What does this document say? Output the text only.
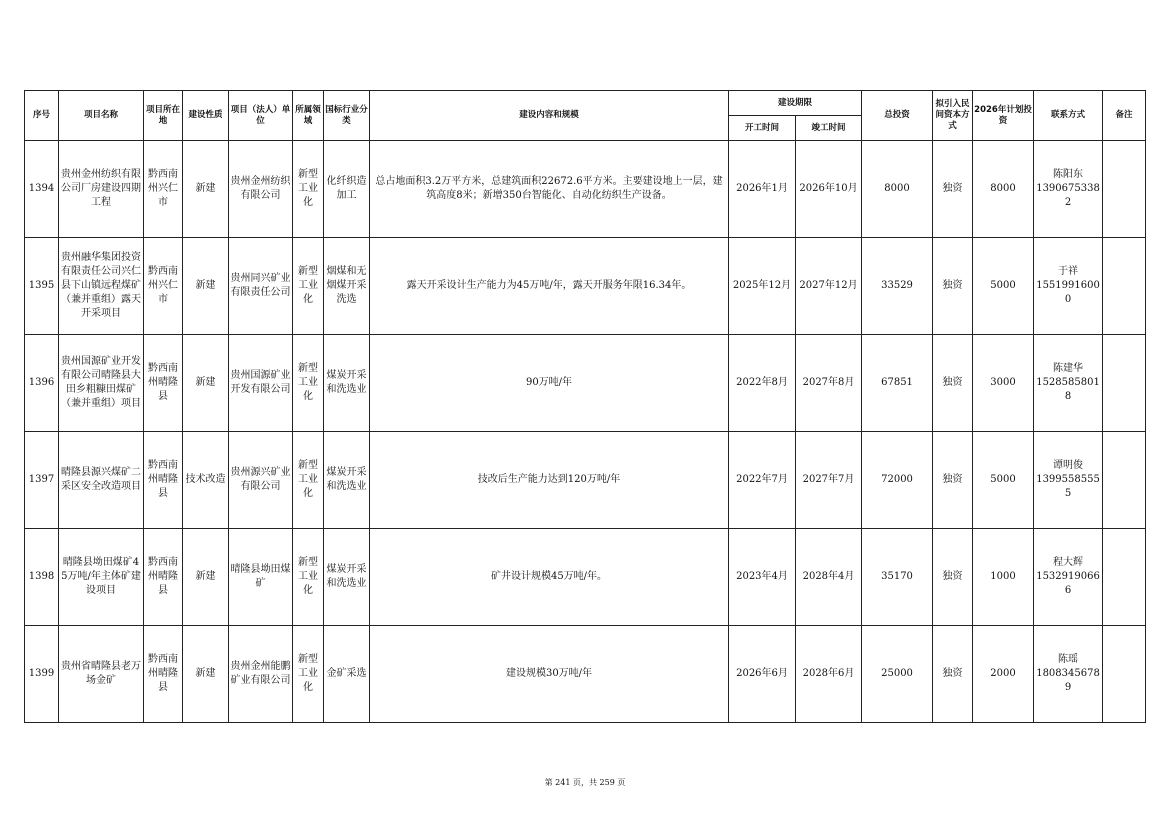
序号	项目名称	项目所在地	建设性质	项目（法人）单位	所属领域	国标行业分类	建设内容和规模	建设期限		总投资	拟引入民间资本方式	2026年计划投资	联系方式	备注
								开工时间	竣工时间					
1394	贵州金州纺织有限公司厂房建设四期工程	黔西南州兴仁市	新建	贵州金州纺织有限公司	新型工业化	化纤织造加工	总占地面积3.2万平方米，总建筑面积22672.6平方米。主要建设地上一层，建筑高度8米；新增350台智能化、自动化纺织生产设备。	2026年1月	2026年10月	8000	独资	8000	陈阳东
13906753382	

1395	贵州融华集团投资有限责任公司兴仁县下山镇远程煤矿（兼并重组）露天开采项目	黔西南州兴仁市	新建	贵州同兴矿业有限责任公司	新型工业化	烟煤和无烟煤开采洗选	露天开采设计生产能力为45万吨/年，露天开服务年限16.34年。	2025年12月	2027年12月	33529	独资	5000	于祥
15519916000	

1396	贵州国源矿业开发有限公司晴隆县大田乡粗糠田煤矿（兼并重组）项目	黔西南州晴隆县	新建	贵州国源矿业开发有限公司	新型工业化	煤炭开采和洗选业	90万吨/年	2022年8月	2027年8月	67851	独资	3000	陈建华
15285858018	

1397	晴隆县源兴煤矿二采区安全改造项目	黔西南州晴隆县	技术改造	贵州源兴矿业有限公司	新型工业化	煤炭开采和洗选业	技改后生产能力达到120万吨/年	2022年7月	2027年7月	72000	独资	5000	谭明俊
13995585555	

1398	晴隆县坳田煤矿45万吨/年主体矿建设项目	黔西南州晴隆县	新建	晴隆县坳田煤矿	新型工业化	煤炭开采和洗选业	矿井设计规模45万吨/年。	2023年4月	2028年4月	35170	独资	1000	程大辉
15329190666	

1399	贵州省晴隆县老万场金矿	黔西南州晴隆县	新建	贵州金州能鹏矿业有限公司	新型工业化	金矿采选	建设规模30万吨/年	2026年6月	2028年6月	25000	独资	2000	陈瑶
18083456789	

第 241 页，共 259 页
